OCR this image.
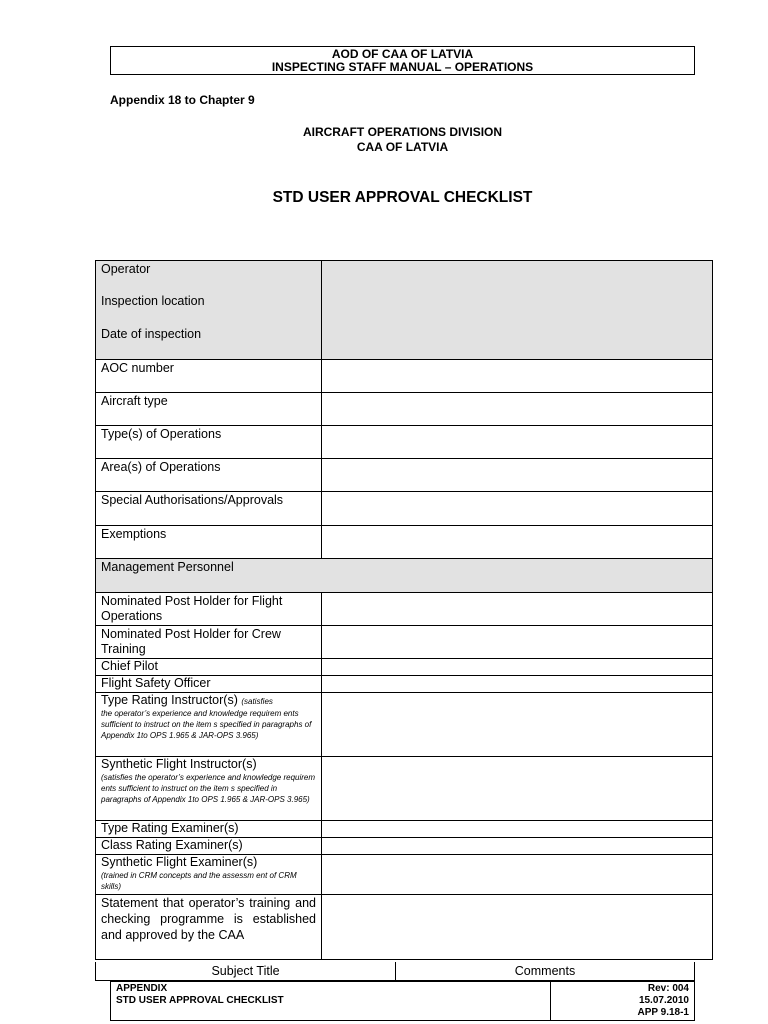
AOD OF CAA OF LATVIA
INSPECTING STAFF MANUAL – OPERATIONS
Appendix 18 to Chapter 9
AIRCRAFT OPERATIONS DIVISION
CAA OF LATVIA
STD USER APPROVAL CHECKLIST
Operator
Inspection location
Date of inspection	

AOC number	
Aircraft type	
Type(s) of Operations	
Area(s) of Operations	
Special Authorisations/Approvals	
Exemptions	
Management Personnel	
Nominated Post Holder for Flight Operations	
Nominated Post Holder for Crew Training	
Chief Pilot	
Flight Safety Officer	

Type Rating Instructor(s) (satisfies
the operator’s experience and knowledge requirem ents sufficient to instruct on the item s specified in paragraphs of Appendix 1to OPS 1.965 & JAR-OPS 3.965)	

Synthetic Flight Instructor(s)
(satisfies the operator’s experience and knowledge requirem ents sufficient to instruct on the item s specified in paragraphs of Appendix 1to OPS 1.965 & JAR-OPS 3.965)	

Type Rating Examiner(s)	
Class Rating Examiner(s)	

Synthetic Flight Examiner(s)
(trained in CRM concepts and the assessm ent of CRM skills)	

Statement that operator’s training and checking programme is established and approved by the CAA	
Subject Title	Comments
APPENDIX
STD USER APPROVAL CHECKLIST

Rev: 004
15.07.2010
APP 9.18-1
